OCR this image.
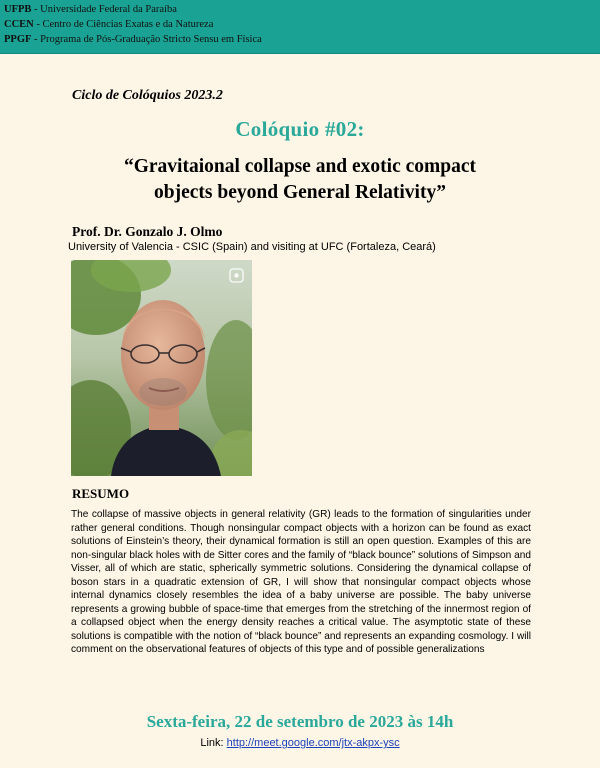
UFPB - Universidade Federal da Paraíba
CCEN - Centro de Ciências Exatas e da Natureza
PPGF - Programa de Pós-Graduação Stricto Sensu em Física
Ciclo de Colóquios 2023.2
Colóquio #02:
“Gravitaional collapse and exotic compact
objects beyond General Relativity”
Prof. Dr. Gonzalo J. Olmo
University of Valencia - CSIC (Spain) and visiting at UFC (Fortaleza, Ceará)
RESUMO

The collapse of massive objects in general relativity (GR) leads to the formation of singularities under rather general conditions. Though nonsingular compact objects with a horizon can be found as exact solutions of Einstein’s theory, their dynamical formation is still an open question. Examples of this are non-singular black holes with de Sitter cores and the family of “black bounce” solutions of Simpson and Visser, all of which are static, spherically symmetric solutions. Considering the dynamical collapse of boson stars in a quadratic extension of GR, I will show that nonsingular compact objects whose internal dynamics closely resembles the idea of a baby universe are possible. The baby universe represents a growing bubble of space-time that emerges from the stretching of the innermost region of a collapsed object when the energy density reaches a critical value. The asymptotic state of these solutions is compatible with the notion of “black bounce” and represents an expanding cosmology. I will comment on the observational features of objects of this type and of possible generalizations

Sexta-feira, 22 de setembro de 2023 às 14h
Link: http://meet.google.com/jtx-akpx-ysc
